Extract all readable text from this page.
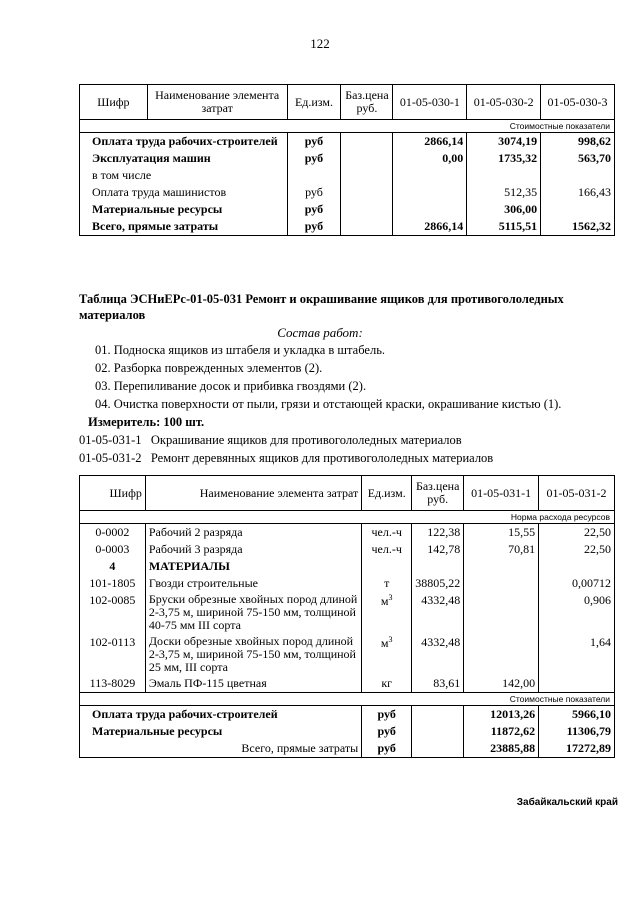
122
Шифр	Наименование элемента затрат	Ед.изм.	Баз.цена руб.	01-05-030-1	01-05-030-2	01-05-030-3
Стоимостные показатели						
Оплата труда рабочих-строителей		руб		2866,14	3074,19	998,62
Эксплуатация машин		руб		0,00	1735,32	563,70
в том числе						
Оплата труда машинистов		руб			512,35	166,43
Материальные ресурсы		руб			306,00	
Всего, прямые затраты		руб		2866,14	5115,51	1562,32
Таблица ЭСНиЕРс-01-05-031 Ремонт и окрашивание ящиков для противогололедных материалов
Состав работ:
01. Подноска ящиков из штабеля и укладка в штабель.
02. Разборка поврежденных элементов (2).
03. Перепиливание досок и прибивка гвоздями (2).
04. Очистка поверхности от пыли, грязи и отстающей краски, окрашивание кистью (1).
Измеритель: 100 шт.
01-05-031-1 Окрашивание ящиков для противогололедных материалов
01-05-031-2 Ремонт деревянных ящиков для противогололедных материалов
Шифр	Наименование элемента затрат	Ед.изм.	Баз.цена руб.	01-05-031-1	01-05-031-2
Норма расхода ресурсов					
0-0002	Рабочий 2 разряда	чел.-ч	122,38	15,55	22,50
0-0003	Рабочий 3 разряда	чел.-ч	142,78	70,81	22,50
4	МАТЕРИАЛЫ				
101-1805	Гвозди строительные	т	38805,22		0,00712
102-0085	Бруски обрезные хвойных пород длиной 2-3,75 м, шириной 75-150 мм, толщиной 40-75 мм III сорта	$м^3$	4332,48		0,906
102-0113	Доски обрезные хвойных пород длиной 2-3,75 м, шириной 75-150 мм, толщиной 25 мм, III сорта	$м^3$	4332,48		1,64
113-8029	Эмаль ПФ-115 цветная	кг	83,61	142,00	
Стоимостные показатели					
Оплата труда рабочих-строителей		руб		12013,26	5966,10
Материальные ресурсы		руб		11872,62	11306,79
Всего, прямые затраты		руб		23885,88	17272,89
Забайкальский край
